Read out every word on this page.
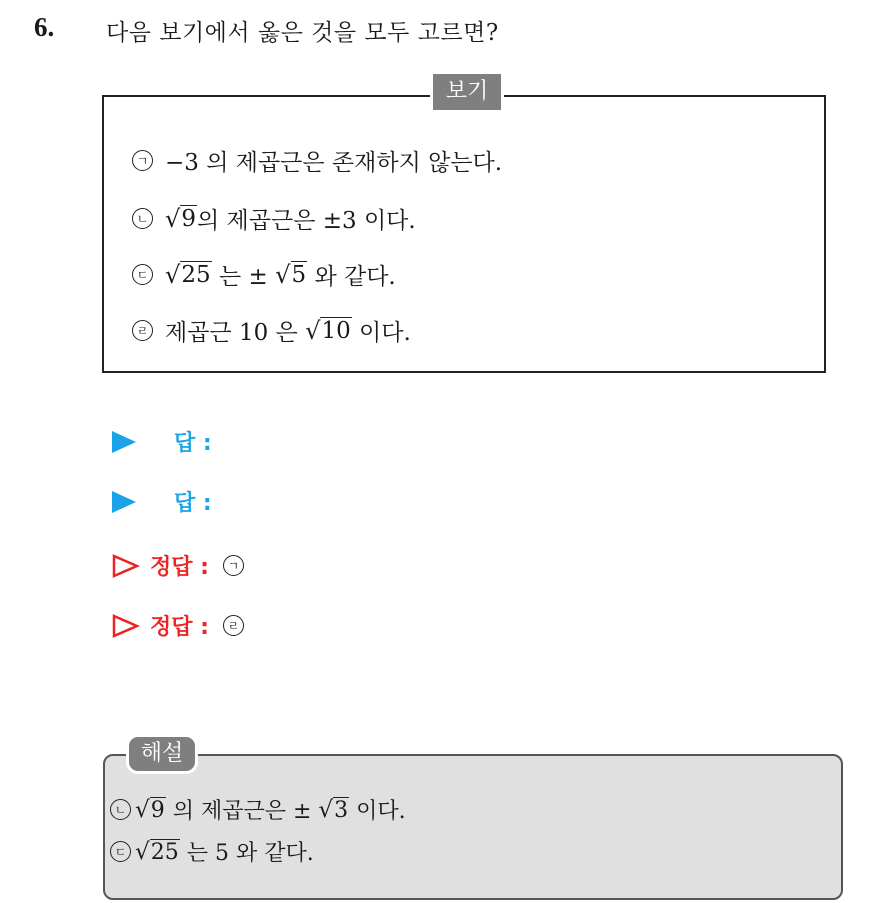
6. 다음 보기에서 옳은 것을 모두 고르면?
보기
ㄱ −3 의 제곱근은 존재하지 않는다.
ㄴ √ 9 의 제곱근은 ±3 이다.
ㄷ √ 25 는 ± √ 5 와 같다.
ㄹ 제곱근 10 은 √ 10 이다.
답 :
답 :
정답 :	ㄱ
정답 :	ㄹ
해설
ㄴ √ 9 의 제곱근은 ± √ 3 이다.
ㄷ √ 25 는 5 와 같다.
